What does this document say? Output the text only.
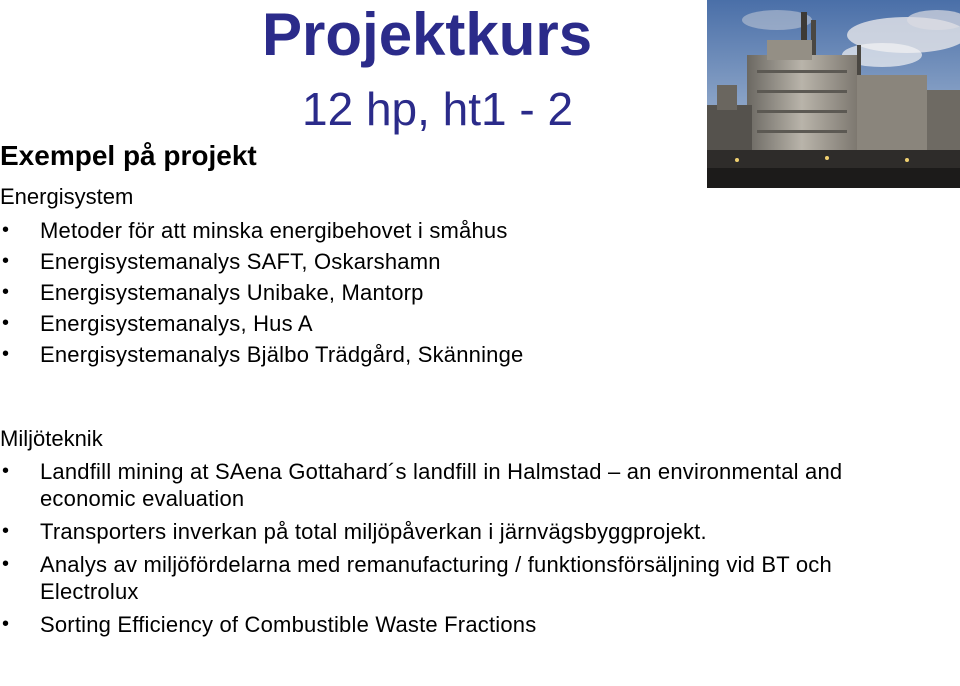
Projektkurs
12 hp, ht1 - 2
Exempel på projekt
Energisystem
• Metoder för att minska energibehovet i småhus
• Energisystemanalys SAFT, Oskarshamn
• Energisystemanalys Unibake, Mantorp
• Energisystemanalys, Hus A
• Energisystemanalys Bjälbo Trädgård, Skänninge
Miljöteknik
• Landfill mining at SAena Gottahard´s landfill in Halmstad – an environmental and economic evaluation
• Transporters inverkan på total miljöpåverkan i järnvägsbyggprojekt.
• Analys av miljöfördelarna med remanufacturing / funktionsförsäljning vid BT och Electrolux
• Sorting Efficiency of Combustible Waste Fractions
